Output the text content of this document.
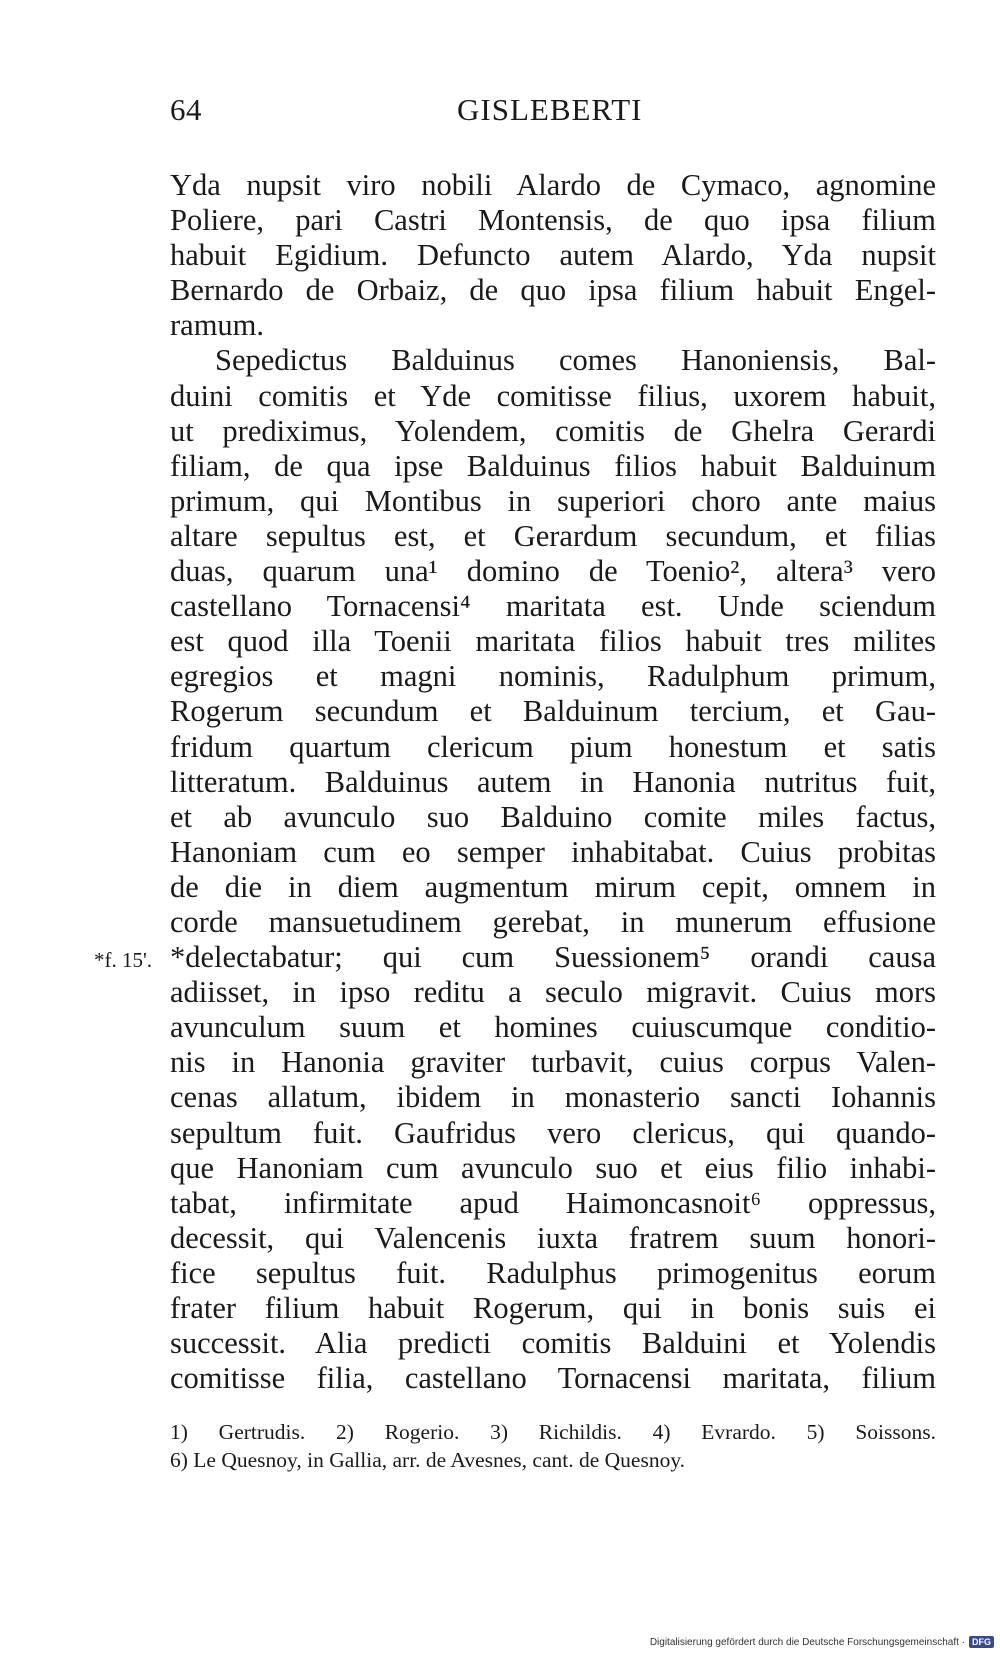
64	GISLEBERTI
Yda nupsit viro nobili Alardo de Cymaco, agnomine
Poliere, pari Castri Montensis, de quo ipsa filium
habuit Egidium. Defuncto autem Alardo, Yda nupsit
Bernardo de Orbaiz, de quo ipsa filium habuit Engel-
ramum.
Sepedictus Balduinus comes Hanoniensis, Bal-
duini comitis et Yde comitisse filius, uxorem habuit,
ut prediximus, Yolendem, comitis de Ghelra Gerardi
filiam, de qua ipse Balduinus filios habuit Balduinum
primum, qui Montibus in superiori choro ante maius
altare sepultus est, et Gerardum secundum, et filias
duas, quarum una¹ domino de Toenio², altera³ vero
castellano Tornacensi⁴ maritata est. Unde sciendum
est quod illa Toenii maritata filios habuit tres milites
egregios et magni nominis, Radulphum primum,
Rogerum secundum et Balduinum tercium, et Gau-
fridum quartum clericum pium honestum et satis
litteratum. Balduinus autem in Hanonia nutritus fuit,
et ab avunculo suo Balduino comite miles factus,
Hanoniam cum eo semper inhabitabat. Cuius probitas
de die in diem augmentum mirum cepit, omnem in
corde mansuetudinem gerebat, in munerum effusione
*delectabatur; qui cum Suessionem⁵ orandi causa
adiisset, in ipso reditu a seculo migravit. Cuius mors
avunculum suum et homines cuiuscumque conditio-
nis in Hanonia graviter turbavit, cuius corpus Valen-
cenas allatum, ibidem in monasterio sancti Iohannis
sepultum fuit. Gaufridus vero clericus, qui quando-
que Hanoniam cum avunculo suo et eius filio inhabi-
tabat, infirmitate apud Haimoncasnoit⁶ oppressus,
decessit, qui Valencenis iuxta fratrem suum honori-
fice sepultus fuit. Radulphus primogenitus eorum
frater filium habuit Rogerum, qui in bonis suis ei
successit. Alia predicti comitis Balduini et Yolendis
comitisse filia, castellano Tornacensi maritata, filium
*f. 15'.
1) Gertrudis. 2) Rogerio. 3) Richildis. 4) Evrardo. 5) Soissons.
6) Le Quesnoy, in Gallia, arr. de Avesnes, cant. de Quesnoy.
Digitalisierung gefördert durch die Deutsche Forschungsgemeinschaft · DFG
